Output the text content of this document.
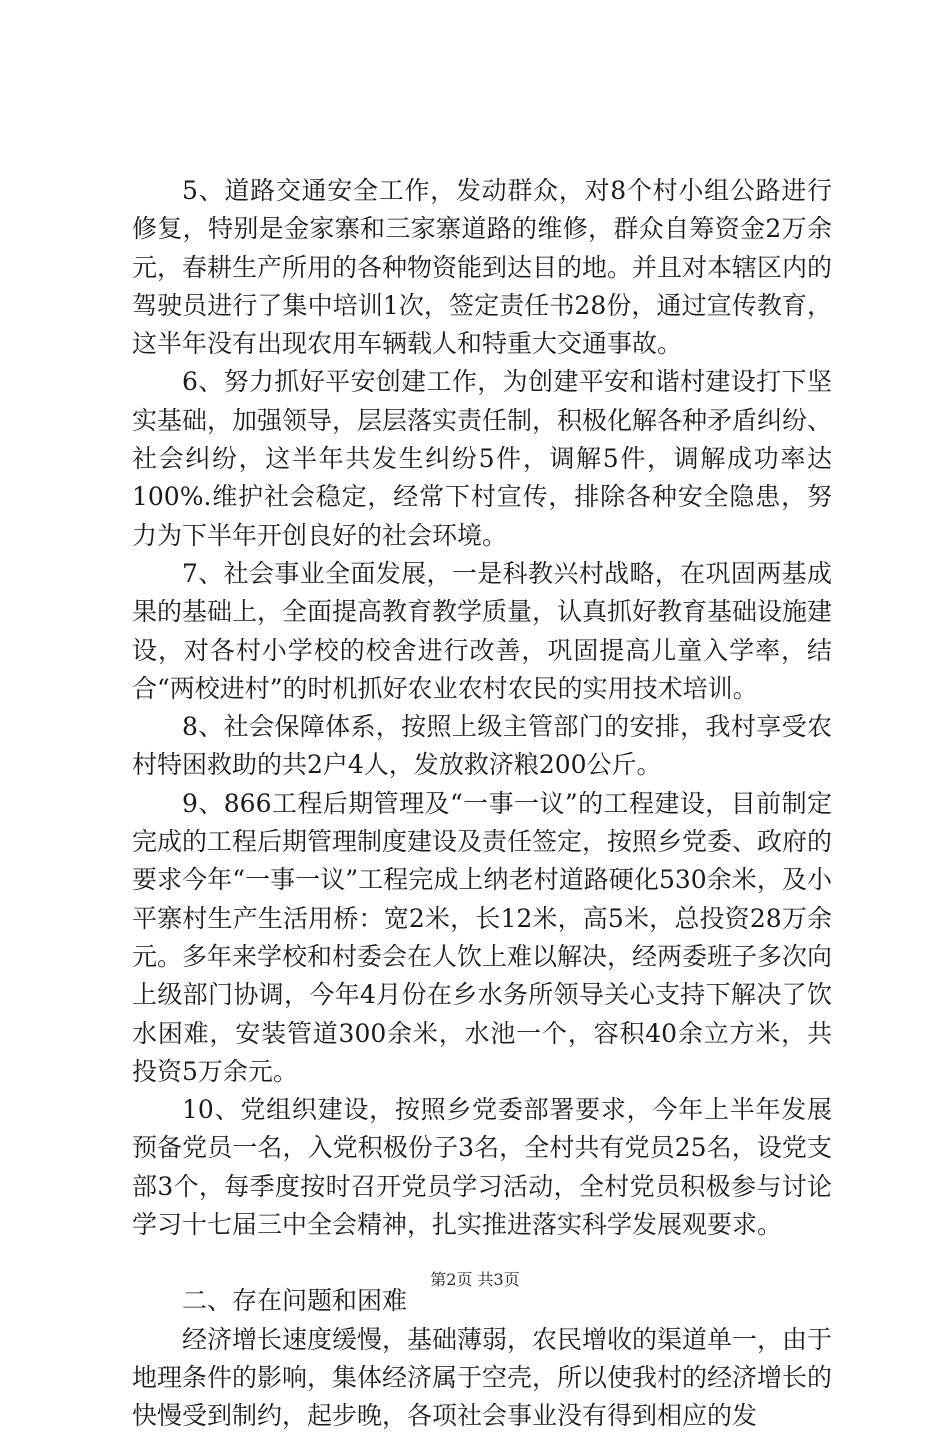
5、道路交通安全工作，发动群众，对8个村小组公路进行修复，特别是金家寨和三家寨道路的维修，群众自筹资金2万余元，春耕生产所用的各种物资能到达目的地。并且对本辖区内的驾驶员进行了集中培训1次，签定责任书28份，通过宣传教育，这半年没有出现农用车辆载人和特重大交通事故。

6、努力抓好平安创建工作，为创建平安和谐村建设打下坚实基础，加强领导，层层落实责任制，积极化解各种矛盾纠纷、社会纠纷，这半年共发生纠纷5件，调解5件，调解成功率达100%.维护社会稳定，经常下村宣传，排除各种安全隐患，努力为下半年开创良好的社会环境。

7、社会事业全面发展，一是科教兴村战略，在巩固两基成果的基础上，全面提高教育教学质量，认真抓好教育基础设施建设，对各村小学校的校舍进行改善，巩固提高儿童入学率，结合“两校进村”的时机抓好农业农村农民的实用技术培训。

8、社会保障体系，按照上级主管部门的安排，我村享受农村特困救助的共2户4人，发放救济粮200公斤。

9、866工程后期管理及“一事一议”的工程建设，目前制定完成的工程后期管理制度建设及责任签定，按照乡党委、政府的要求今年“一事一议”工程完成上纳老村道路硬化530余米，及小平寨村生产生活用桥：宽2米，长12米，高5米，总投资28万余元。多年来学校和村委会在人饮上难以解决，经两委班子多次向上级部门协调，今年4月份在乡水务所领导关心支持下解决了饮水困难，安装管道300余米，水池一个，容积40余立方米，共投资5万余元。

10、党组织建设，按照乡党委部署要求，今年上半年发展预备党员一名，入党积极份子3名，全村共有党员25名，设党支部3个，每季度按时召开党员学习活动，全村党员积极参与讨论学习十七届三中全会精神，扎实推进落实科学发展观要求。

二、存在问题和困难

经济增长速度缓慢，基础薄弱，农民增收的渠道单一，由于地理条件的影响，集体经济属于空壳，所以使我村的经济增长的快慢受到制约，起步晚，各项社会事业没有得到相应的发

第2页 共3页
